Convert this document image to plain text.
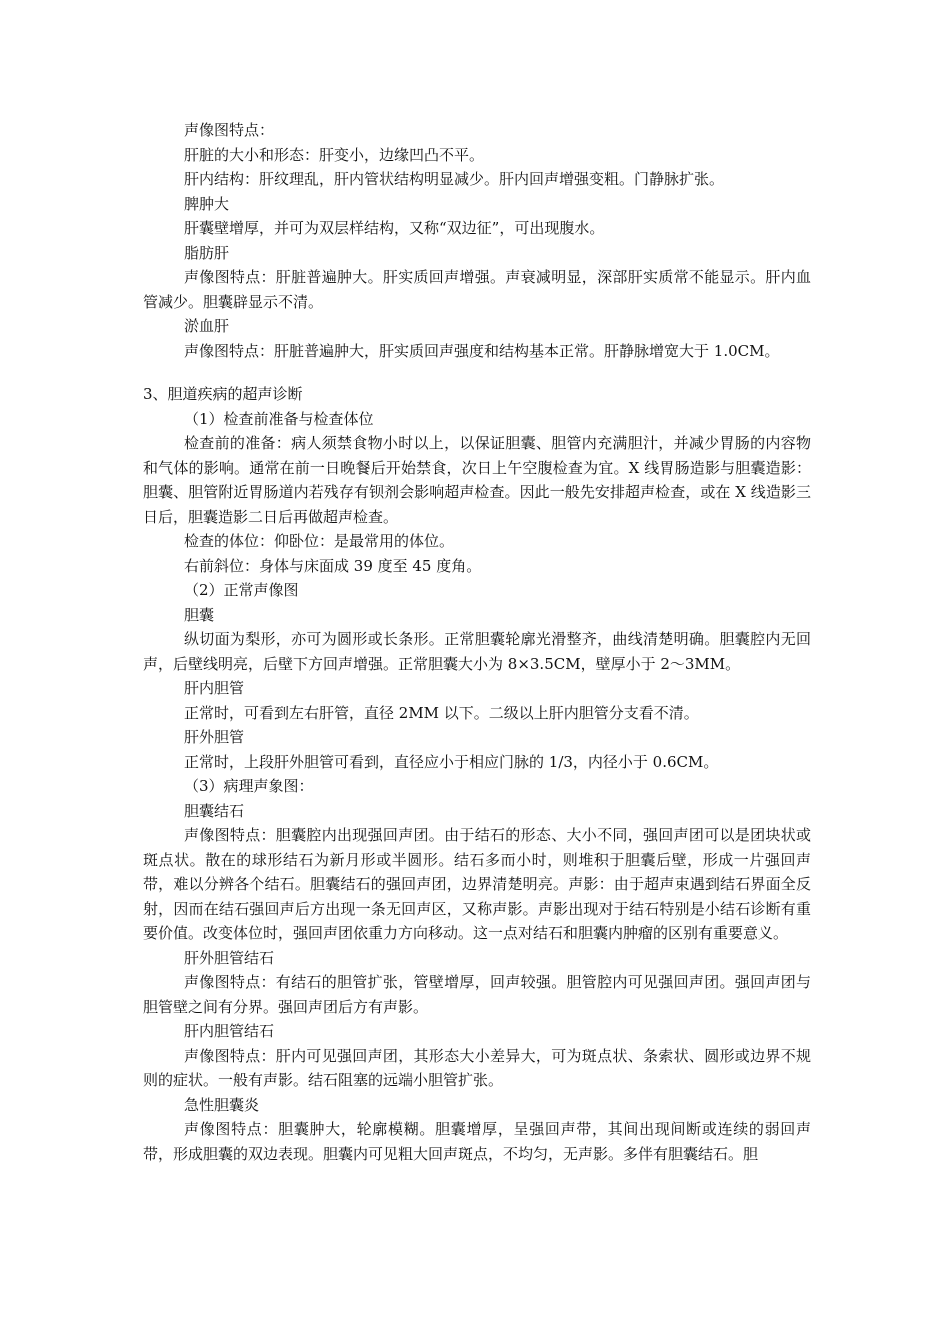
声像图特点：

肝脏的大小和形态：肝变小，边缘凹凸不平。

肝内结构：肝纹理乱，肝内管状结构明显减少。肝内回声增强变粗。门静脉扩张。

脾肿大

肝囊壁增厚，并可为双层样结构，又称“双边征”，可出现腹水。

脂肪肝

声像图特点：肝脏普遍肿大。肝实质回声增强。声衰减明显，深部肝实质常不能显示。肝内血管减少。胆囊辟显示不清。

淤血肝

声像图特点：肝脏普遍肿大，肝实质回声强度和结构基本正常。肝静脉增宽大于 1.0CM。

3、胆道疾病的超声诊断

（1）检查前准备与检查体位

检查前的准备：病人须禁食物小时以上，以保证胆囊、胆管内充满胆汁，并减少胃肠的内容物和气体的影响。通常在前一日晚餐后开始禁食，次日上午空腹检查为宜。X 线胃肠造影与胆囊造影：胆囊、胆管附近胃肠道内若残存有钡剂会影响超声检查。因此一般先安排超声检查，或在 X 线造影三日后，胆囊造影二日后再做超声检查。

检查的体位：仰卧位：是最常用的体位。

右前斜位：身体与床面成 39 度至 45 度角。

（2）正常声像图

胆囊

纵切面为梨形，亦可为圆形或长条形。正常胆囊轮廓光滑整齐，曲线清楚明确。胆囊腔内无回声，后壁线明亮，后壁下方回声增强。正常胆囊大小为 8×3.5CM，壁厚小于 2～3MM。

肝内胆管

正常时，可看到左右肝管，直径 2MM 以下。二级以上肝内胆管分支看不清。

肝外胆管

正常时，上段肝外胆管可看到，直径应小于相应门脉的 1/3，内径小于 0.6CM。

（3）病理声象图：

胆囊结石

声像图特点：胆囊腔内出现强回声团。由于结石的形态、大小不同，强回声团可以是团块状或斑点状。散在的球形结石为新月形或半圆形。结石多而小时，则堆积于胆囊后壁，形成一片强回声带，难以分辨各个结石。胆囊结石的强回声团，边界清楚明亮。声影：由于超声束遇到结石界面全反射，因而在结石强回声后方出现一条无回声区，又称声影。声影出现对于结石特别是小结石诊断有重要价值。改变体位时，强回声团依重力方向移动。这一点对结石和胆囊内肿瘤的区别有重要意义。

肝外胆管结石

声像图特点：有结石的胆管扩张，管壁增厚，回声较强。胆管腔内可见强回声团。强回声团与胆管壁之间有分界。强回声团后方有声影。

肝内胆管结石

声像图特点：肝内可见强回声团，其形态大小差异大，可为斑点状、条索状、圆形或边界不规则的症状。一般有声影。结石阻塞的远端小胆管扩张。

急性胆囊炎

声像图特点：胆囊肿大，轮廓模糊。胆囊增厚，呈强回声带，其间出现间断或连续的弱回声带，形成胆囊的双边表现。胆囊内可见粗大回声斑点，不均匀，无声影。多伴有胆囊结石。胆
